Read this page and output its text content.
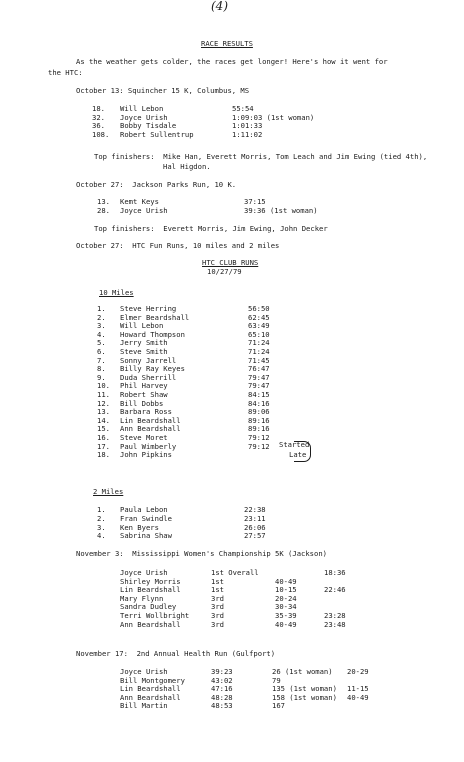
(4)
RACE RESULTS
As the weather gets colder, the races get longer! Here's how it went for
the HTC:
October 13: Squincher 15 K, Columbus, MS
18. Will Lebon	55:54
32. Joyce Urish	1:09:03 (1st woman)
36. Bobby Tisdale	1:01:33
108. Robert Sullentrup	1:11:02
Top finishers:  Mike Han, Everett Morris, Tom Leach and Jim Ewing (tied 4th),
Hal Higdon.
October 27:  Jackson Parks Run, 10 K.
13. Kemt Keys	37:15
28. Joyce Urish	39:36 (1st woman)
Top finishers:  Everett Morris, Jim Ewing, John Decker
October 27:  HTC Fun Runs, 10 miles and 2 miles
HTC CLUB RUNS
10/27/79
10 Miles
1. Steve Herring	56:50
2. Elmer Beardshall	62:45
3. Will Lebon	63:49
4. Howard Thompson	65:10
5. Jerry Smith	71:24
6. Steve Smith	71:24
7. Sonny Jarrell	71:45
8. Billy Ray Keyes	76:47
9. Duda Sherrill	79:47
10. Phil Harvey	79:47
11. Robert Shaw	84:15
12. Bill Dobbs	84:16
13. Barbara Ross	89:06
14. Lin Beardshall	89:16
15. Ann Beardshall	89:16
16. Steve Moret	79:12
17. Paul Wimberly	79:12
18. John Pipkins
Started
Late
2 Miles
1. Paula Lebon	22:38
2. Fran Swindle	23:11
3. Ken Byers	26:06
4. Sabrina Shaw	27:57
November 3:  Mississippi Women's Championship 5K (Jackson)
Joyce Urish	1st Overall	18:36
Shirley Morris	1st	40-49
Lin Beardshall	1st	10-15	22:46
Mary Flynn	3rd	20-24
Sandra Dudley	3rd	30-34
Terri Wollbright	3rd	35-39	23:28
Ann Beardshall	3rd	40-49	23:48
November 17:  2nd Annual Health Run (Gulfport)
Joyce Urish	39:23	26 (1st woman) 20-29
Bill Montgomery	43:02	79
Lin Beardshall	47:16	135 (1st woman) 11-15
Ann Beardshall	48:28	158 (1st woman) 40-49
Bill Martin	48:53	167
